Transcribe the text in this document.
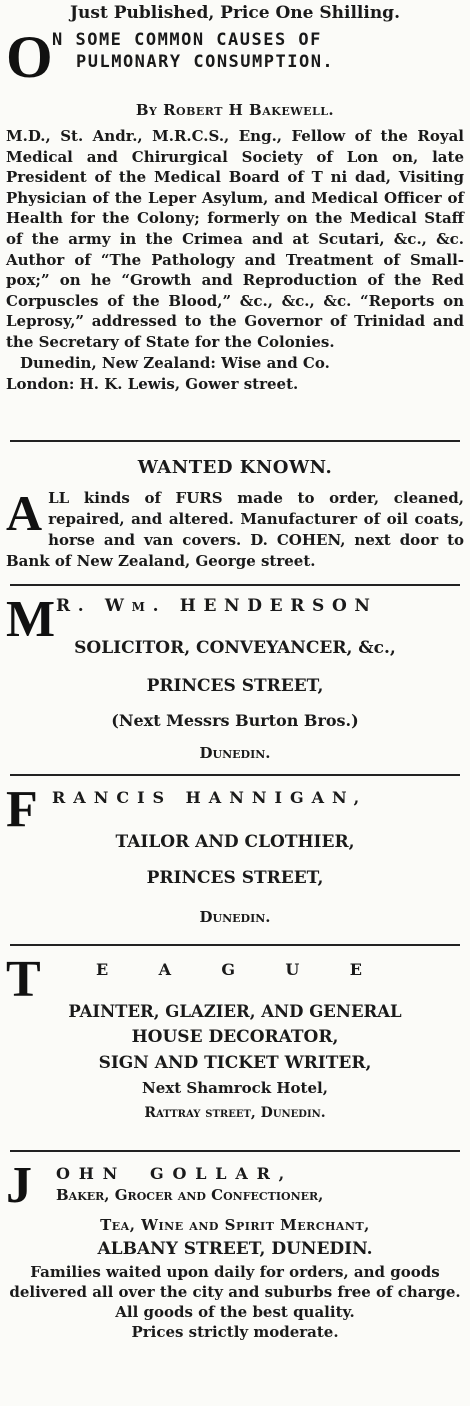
Just Published, Price One Shilling.
O N SOME COMMON CAUSES OF
PULMONARY CONSUMPTION.
By Robert H Bakewell.

M.D., St. Andr., M.R.C.S., Eng., Fellow of the Royal Medical and Chirurgical Society of Lon on, late President of the Medical Board of T ni dad, Visiting Physician of the Leper Asylum, and Medical Officer of Health for the Colony; formerly on the Medical Staff of the army in the Crimea and at Scutari, &c., &c. Author of “The Pathology and Treatment of Small-pox;” on he “Growth and Reproduction of the Red Corpuscles of the Blood,” &c., &c., &c. “Reports on Leprosy,” addressed to the Governor of Trinidad and the Secretary of State for the Colonies.

Dunedin, New Zealand: Wise and Co.
London: H. K. Lewis, Gower street.
WANTED KNOWN.
A LL kinds of FURS made to order, cleaned, repaired, and altered. Manufacturer of oil coats, horse and van covers. D. COHEN, next door to Bank of New Zealand, George street.

M R. Wm. HENDERSON
SOLICITOR, CONVEYANCER, &c.,
PRINCES STREET,
(Next Messrs Burton Bros.)
Dunedin.
F RANCIS HANNIGAN,
TAILOR AND CLOTHIER,
PRINCES STREET,
Dunedin.
T	E A G U E
PAINTER, GLAZIER, AND GENERAL
HOUSE DECORATOR,
SIGN AND TICKET WRITER,
Next Shamrock Hotel,
Rattray street, Dunedin.
J OHN GOLLAR,
Baker, Grocer and Confectioner,
Tea, Wine and Spirit Merchant,
ALBANY STREET, DUNEDIN.

Families waited upon daily for orders, and goods delivered all over the city and suburbs free of charge. All goods of the best quality.

Prices strictly moderate.
